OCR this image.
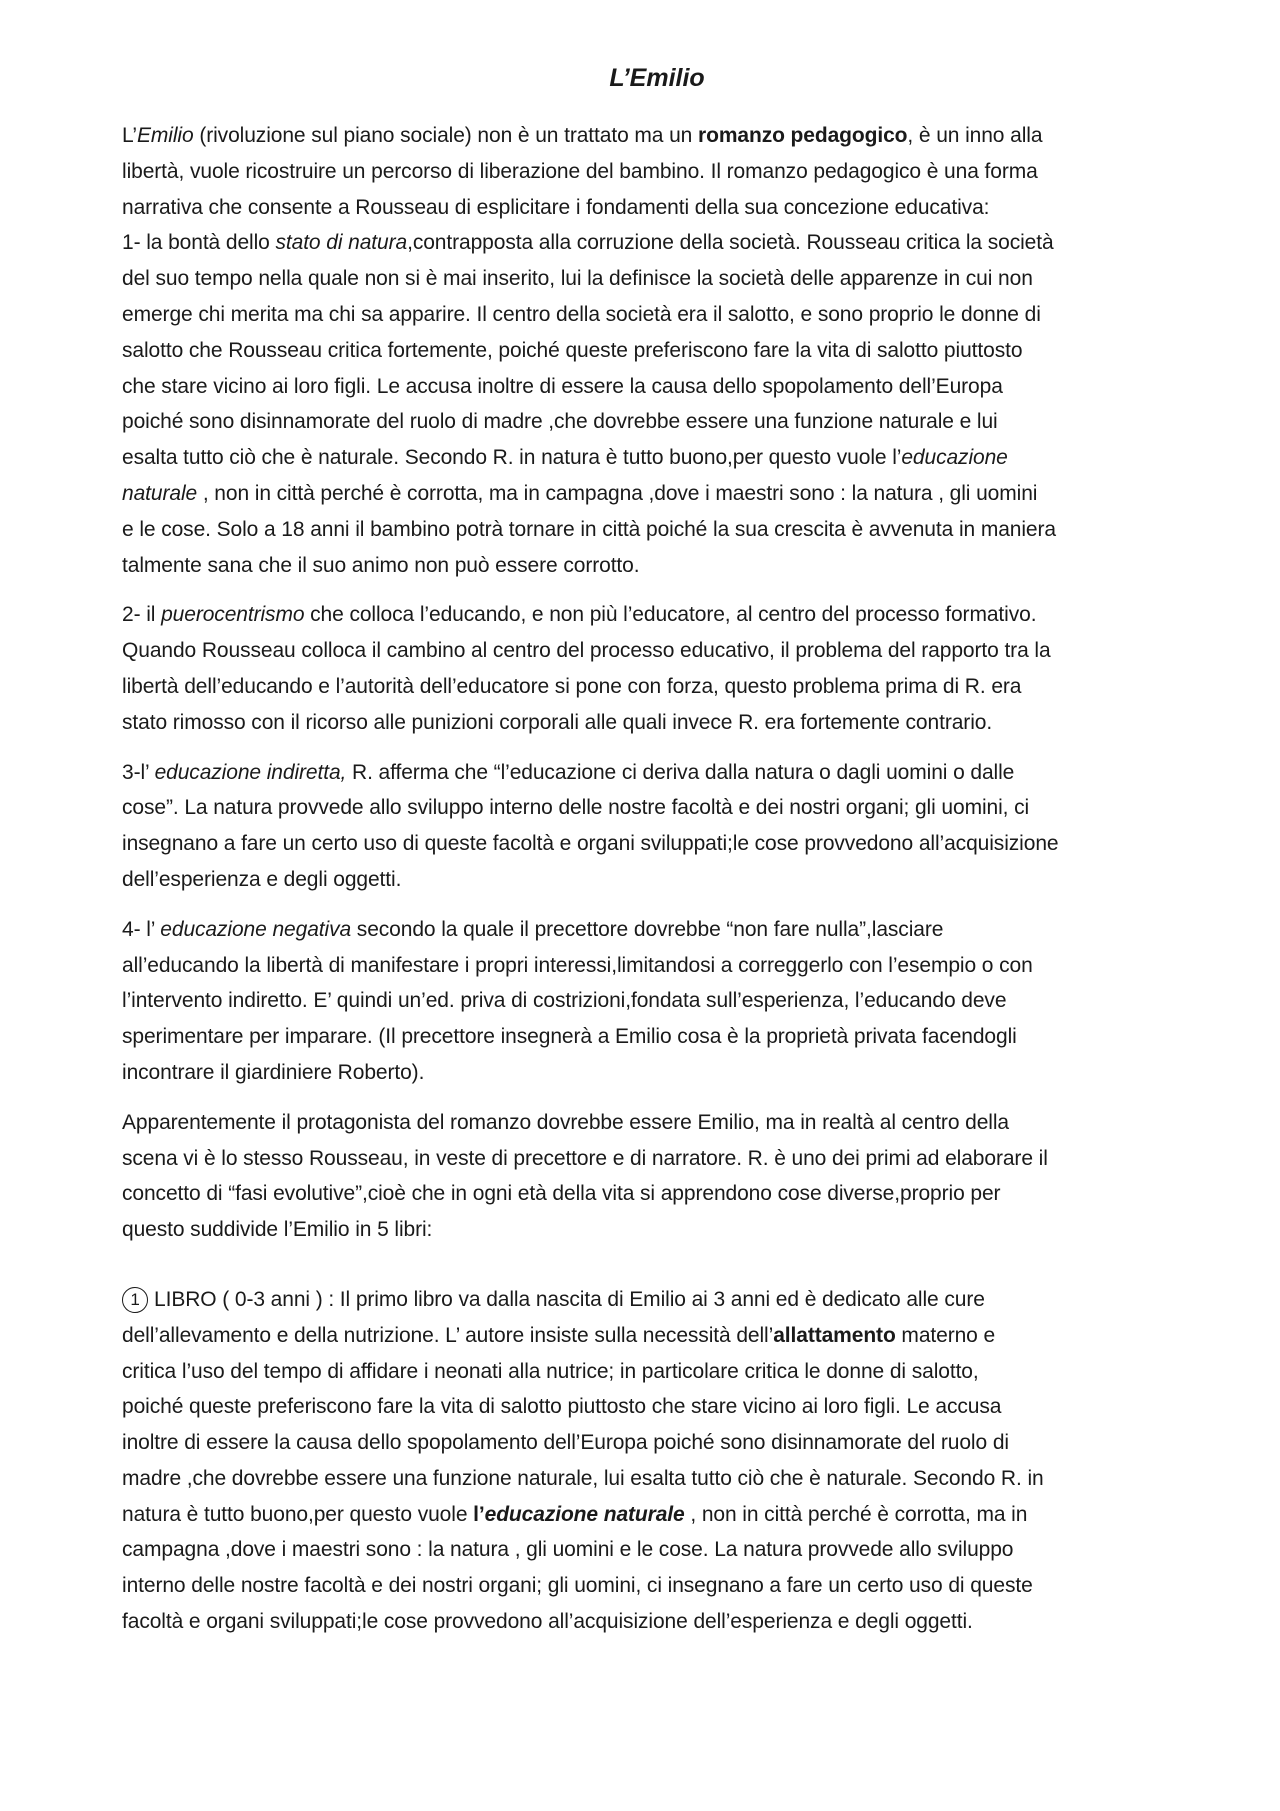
L’Emilio

L’Emilio (rivoluzione sul piano sociale) non è un trattato ma un romanzo pedagogico, è un inno alla
libertà, vuole ricostruire un percorso di liberazione del bambino. Il romanzo pedagogico è una forma
narrativa che consente a Rousseau di esplicitare i fondamenti della sua concezione educativa:
1- la bontà dello stato di natura,contrapposta alla corruzione della società. Rousseau critica la società
del suo tempo nella quale non si è mai inserito, lui la definisce la società delle apparenze in cui non
emerge chi merita ma chi sa apparire. Il centro della società era il salotto, e sono proprio le donne di
salotto che Rousseau critica fortemente, poiché queste preferiscono fare la vita di salotto piuttosto
che stare vicino ai loro figli. Le accusa inoltre di essere la causa dello spopolamento dell’Europa
poiché sono disinnamorate del ruolo di madre ,che dovrebbe essere una funzione naturale e lui
esalta tutto ciò che è naturale. Secondo R. in natura è tutto buono,per questo vuole l’educazione
naturale , non in città perché è corrotta, ma in campagna ,dove i maestri sono : la natura , gli uomini
e le cose. Solo a 18 anni il bambino potrà tornare in città poiché la sua crescita è avvenuta in maniera
talmente sana che il suo animo non può essere corrotto.

2- il puerocentrismo che colloca l’educando, e non più l’educatore, al centro del processo formativo.
Quando Rousseau colloca il cambino al centro del processo educativo, il problema del rapporto tra la
libertà dell’educando e l’autorità dell’educatore si pone con forza, questo problema prima di R. era
stato rimosso con il ricorso alle punizioni corporali alle quali invece R. era fortemente contrario.

3-l’ educazione indiretta, R. afferma che “l’educazione ci deriva dalla natura o dagli uomini o dalle
cose”. La natura provvede allo sviluppo interno delle nostre facoltà e dei nostri organi; gli uomini, ci
insegnano a fare un certo uso di queste facoltà e organi sviluppati;le cose provvedono all’acquisizione
dell’esperienza e degli oggetti.

4- l’ educazione negativa secondo la quale il precettore dovrebbe “non fare nulla”,lasciare
all’educando la libertà di manifestare i propri interessi,limitandosi a correggerlo con l’esempio o con
l’intervento indiretto. E’ quindi un’ed. priva di costrizioni,fondata sull’esperienza, l’educando deve
sperimentare per imparare. (Il precettore insegnerà a Emilio cosa è la proprietà privata facendogli
incontrare il giardiniere Roberto).

Apparentemente il protagonista del romanzo dovrebbe essere Emilio, ma in realtà al centro della
scena vi è lo stesso Rousseau, in veste di precettore e di narratore. R. è uno dei primi ad elaborare il
concetto di “fasi evolutive”,cioè che in ogni età della vita si apprendono cose diverse,proprio per
questo suddivide l’Emilio in 5 libri:

1 LIBRO ( 0-3 anni ) : Il primo libro va dalla nascita di Emilio ai 3 anni ed è dedicato alle cure
dell’allevamento e della nutrizione. L’ autore insiste sulla necessità dell’allattamento materno e
critica l’uso del tempo di affidare i neonati alla nutrice; in particolare critica le donne di salotto,
poiché queste preferiscono fare la vita di salotto piuttosto che stare vicino ai loro figli. Le accusa
inoltre di essere la causa dello spopolamento dell’Europa poiché sono disinnamorate del ruolo di
madre ,che dovrebbe essere una funzione naturale, lui esalta tutto ciò che è naturale. Secondo R. in
natura è tutto buono,per questo vuole l’educazione naturale , non in città perché è corrotta, ma in
campagna ,dove i maestri sono : la natura , gli uomini e le cose. La natura provvede allo sviluppo
interno delle nostre facoltà e dei nostri organi; gli uomini, ci insegnano a fare un certo uso di queste
facoltà e organi sviluppati;le cose provvedono all’acquisizione dell’esperienza e degli oggetti.
